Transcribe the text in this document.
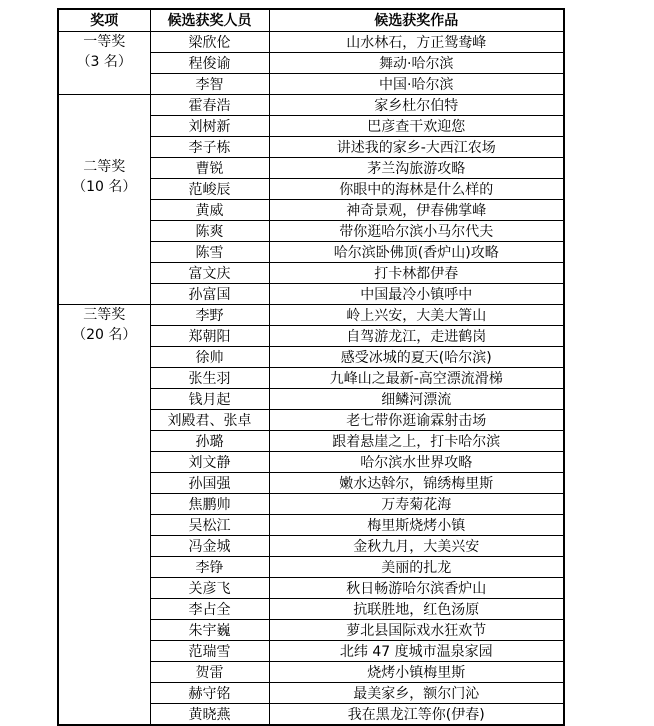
奖项	候选获奖人员	候选获奖作品

一等奖
（3 名）	梁欣伦	山水林石，方正鸳鸯峰
	程俊谕	舞动·哈尔滨
	李智	中国·哈尔滨

二等奖
（10 名）	霍春浩	家乡杜尔伯特
	刘树新	巴彦查干欢迎您
	李子栋	讲述我的家乡-大西江农场
	曹锐	茅兰沟旅游攻略
	范峻辰	你眼中的海林是什么样的
	黄威	神奇景观，伊春佛掌峰
	陈爽	带你逛哈尔滨小马尔代夫
	陈雪	哈尔滨卧佛顶(香炉山)攻略
	富文庆	打卡林都伊春
	孙富国	中国最冷小镇呼中

三等奖
（20 名）	李野	岭上兴安，大美大箐山
	郑朝阳	自驾游龙江，走进鹤岗
	徐帅	感受冰城的夏天(哈尔滨)
	张生羽	九峰山之最新-高空漂流滑梯
	钱月起	细鳞河漂流
	刘殿君、张卓	老七带你逛谕霖射击场
	孙璐	跟着悬崖之上，打卡哈尔滨
	刘文静	哈尔滨水世界攻略
	孙国强	嫩水达斡尔，锦绣梅里斯
	焦鹏帅	万寿菊花海
	吴松江	梅里斯烧烤小镇
	冯金城	金秋九月，大美兴安
	李铮	美丽的扎龙
	关彦飞	秋日畅游哈尔滨香炉山
	李占全	抗联胜地，红色汤原
	朱宇巍	萝北县国际戏水狂欢节
	范瑞雪	北纬 47 度城市温泉家园
	贺雷	烧烤小镇梅里斯
	赫守铭	最美家乡，额尔门沁
	黄晓燕	我在黑龙江等你(伊春)
